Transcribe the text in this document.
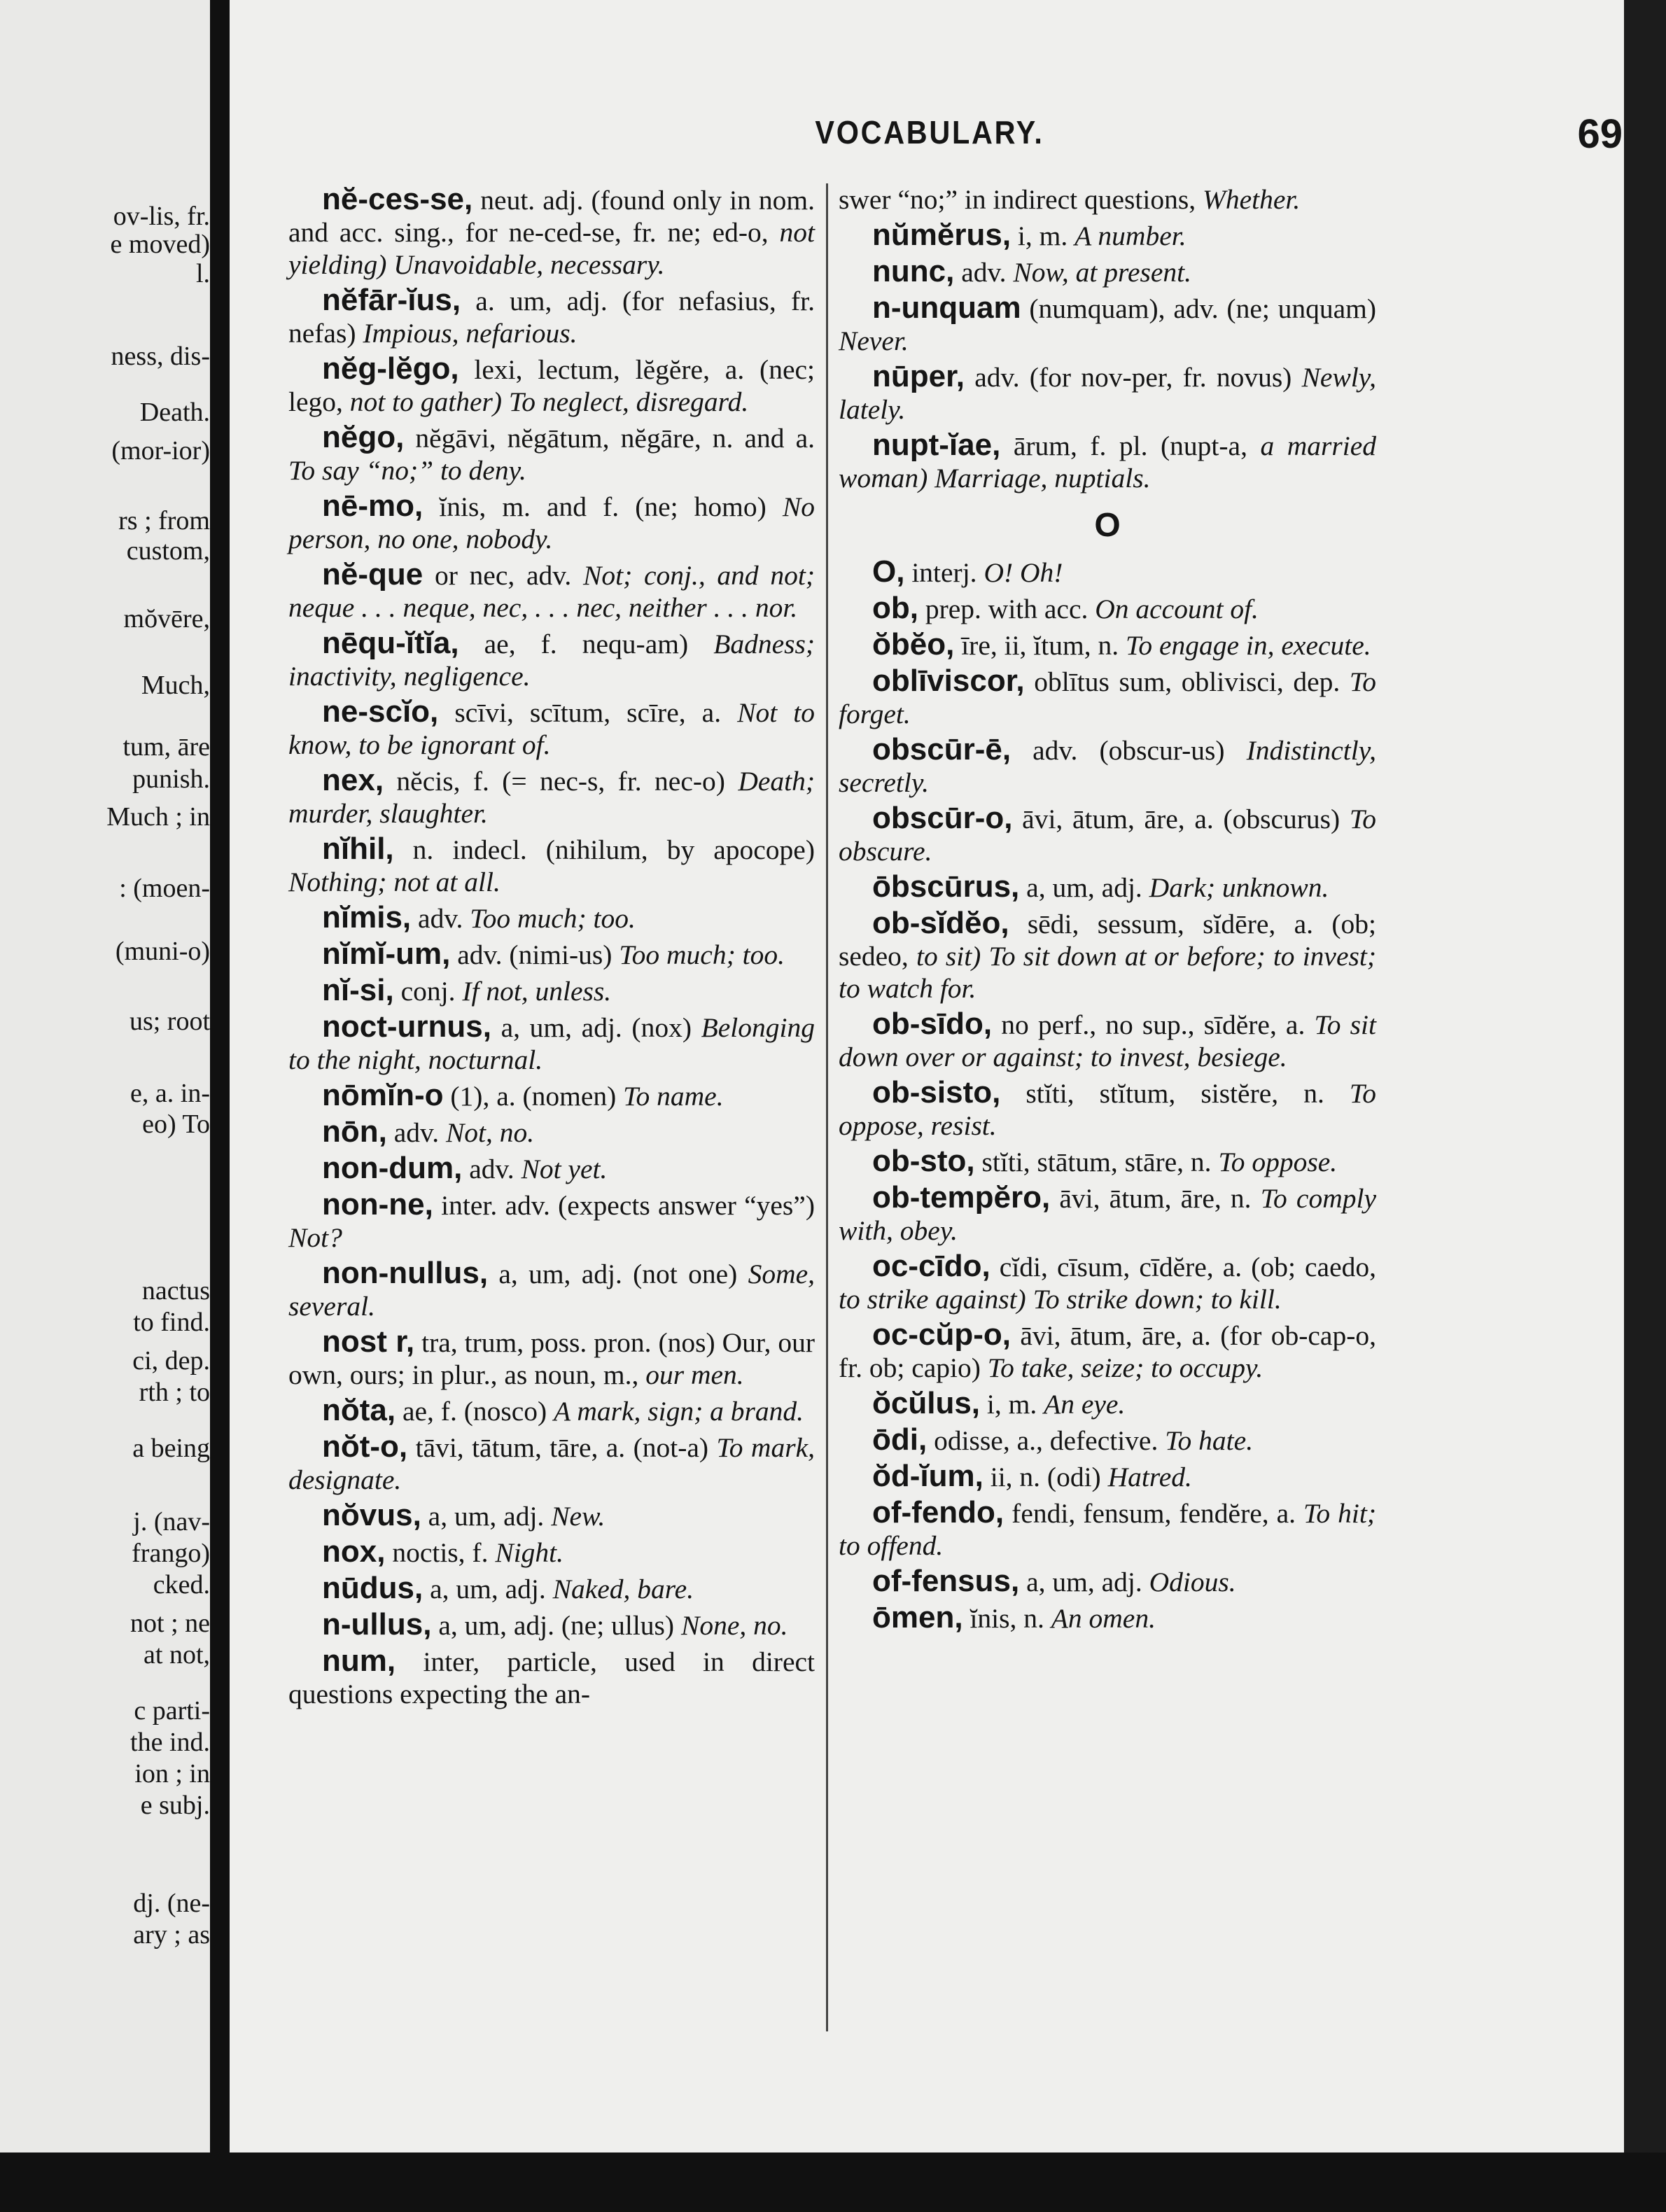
ov-lis, fr.
e moved)
l.
ness, dis-
Death.
(mor-ior)
rs ; from
custom,
mŏvēre,
Much,
tum, āre
punish.
Much ; in
: (moen-
(muni-o)
us; root
e, a. in-
eo) To
nactus
to find.
ci, dep.
rth ; to
a being
j. (nav-
frango)
cked.
not ; ne
at not,
c parti-
the ind.
ion ; in
e subj.
dj. (ne-
ary ; as
VOCABULARY.	69
nĕ-ces-se, neut. adj. (found only in nom. and acc. sing., for ne-ced-se, fr. ne; ed-o, not yielding) Unavoidable, necessary.
nĕfār-ĭus, a. um, adj. (for nefasius, fr. nefas) Impious, nefarious.
nĕg-lĕgo, lexi, lectum, lĕgĕre, a. (nec; lego, not to gather) To neglect, disregard.
nĕgo, nĕgāvi, nĕgātum, nĕgāre, n. and a. To say “no;” to deny.
nē-mo, ĭnis, m. and f. (ne; homo) No person, no one, nobody.
nĕ-que or nec, adv. Not; conj., and not; neque . . . neque, nec, . . . nec, neither . . . nor.
nēqu-ĭtĭa, ae, f. nequ-am) Badness; inactivity, negligence.
ne-scĭo, scīvi, scītum, scīre, a. Not to know, to be ignorant of.
nex, nĕcis, f. (= nec-s, fr. nec-o) Death; murder, slaughter.
nĭhil, n. indecl. (nihilum, by apocope) Nothing; not at all.
nĭmis, adv. Too much; too.
nĭmĭ-um, adv. (nimi-us) Too much; too.
nĭ-si, conj. If not, unless.
noct-urnus, a, um, adj. (nox) Belonging to the night, nocturnal.
nōmĭn-o (1), a. (nomen) To name.
nōn, adv. Not, no.
non-dum, adv. Not yet.
non-ne, inter. adv. (expects answer “yes”) Not?
non-nullus, a, um, adj. (not one) Some, several.
nost r, tra, trum, poss. pron. (nos) Our, our own, ours; in plur., as noun, m., our men.
nŏta, ae, f. (nosco) A mark, sign; a brand.
nŏt-o, tāvi, tātum, tāre, a. (not-a) To mark, designate.
nŏvus, a, um, adj. New.
nox, noctis, f. Night.
nūdus, a, um, adj. Naked, bare.
n-ullus, a, um, adj. (ne; ullus) None, no.
num, inter, particle, used in direct questions expecting the an-
swer “no;” in indirect questions, Whether.
nŭmĕrus, i, m. A number.
nunc, adv. Now, at present.
n-unquam (numquam), adv. (ne; unquam) Never.
nūper, adv. (for nov-per, fr. novus) Newly, lately.
nupt-ĭae, ārum, f. pl. (nupt-a, a married woman) Marriage, nuptials.
O
O, interj. O! Oh!
ob, prep. with acc. On account of.
ŏbĕo, īre, ii, ĭtum, n. To engage in, execute.
oblīviscor, oblītus sum, oblivisci, dep. To forget.
obscūr-ē, adv. (obscur-us) Indistinctly, secretly.
obscūr-o, āvi, ātum, āre, a. (obscurus) To obscure.
ōbscūrus, a, um, adj. Dark; unknown.
ob-sĭdĕo, sēdi, sessum, sĭdēre, a. (ob; sedeo, to sit) To sit down at or before; to invest; to watch for.
ob-sīdo, no perf., no sup., sīdĕre, a. To sit down over or against; to invest, besiege.
ob-sisto, stĭti, stĭtum, sistĕre, n. To oppose, resist.
ob-sto, stĭti, stātum, stāre, n. To oppose.
ob-tempĕro, āvi, ātum, āre, n. To comply with, obey.
oc-cīdo, cĭdi, cīsum, cīdĕre, a. (ob; caedo, to strike against) To strike down; to kill.
oc-cŭp-o, āvi, ātum, āre, a. (for ob-cap-o, fr. ob; capio) To take, seize; to occupy.
ŏcŭlus, i, m. An eye.
ōdi, odisse, a., defective. To hate.
ŏd-ĭum, ii, n. (odi) Hatred.
of-fendo, fendi, fensum, fendĕre, a. To hit; to offend.
of-fensus, a, um, adj. Odious.
ōmen, ĭnis, n. An omen.
